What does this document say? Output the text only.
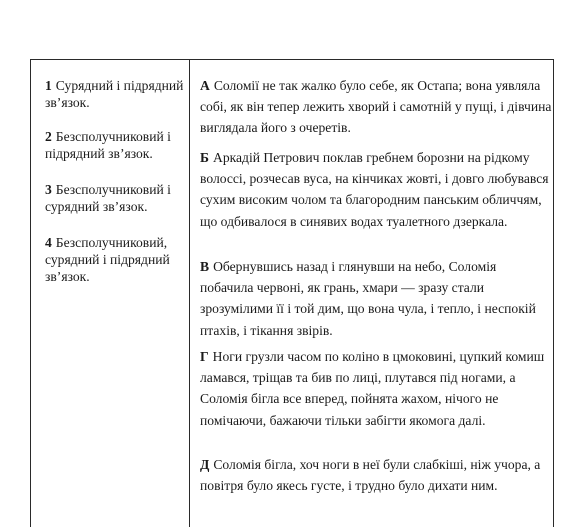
1 Сурядний і підрядний зв’язок.
2 Безсполучниковий і підрядний зв’язок.
3 Безсполучниковий і сурядний зв’язок.
4 Безсполучниковий, сурядний і підрядний зв’язок.
А Соломії не так жалко було себе, як Остапа; вона уявляла собі, як він тепер лежить хворий і самотній у пущі, і дівчина виглядала його з очеретів.
Б Аркадій Петрович поклав гребнем борозни на рідкому волоссі, розчесав вуса, на кінчиках жовті, і довго любувався сухим високим чолом та благородним панським обличчям, що одбивалося в синявих водах туалетного дзеркала.
В Обернувшись назад і глянувши на небо, Соломія побачила червоні, як грань, хмари — зразу стали зрозумілими її і той дим, що вона чула, і тепло, і неспокій птахів, і тікання звірів.
Г Ноги грузли часом по коліно в цмоковині, цупкий комиш ламався, тріщав та бив по лиці, плутався під ногами, а Соломія бігла все вперед, пойнята жахом, нічого не помічаючи, бажаючи тільки забігти якомога далі.
Д Соломія бігла, хоч ноги в неї були слабкіші, ніж учора, а повітря було якесь густе, і трудно було дихати ним.
